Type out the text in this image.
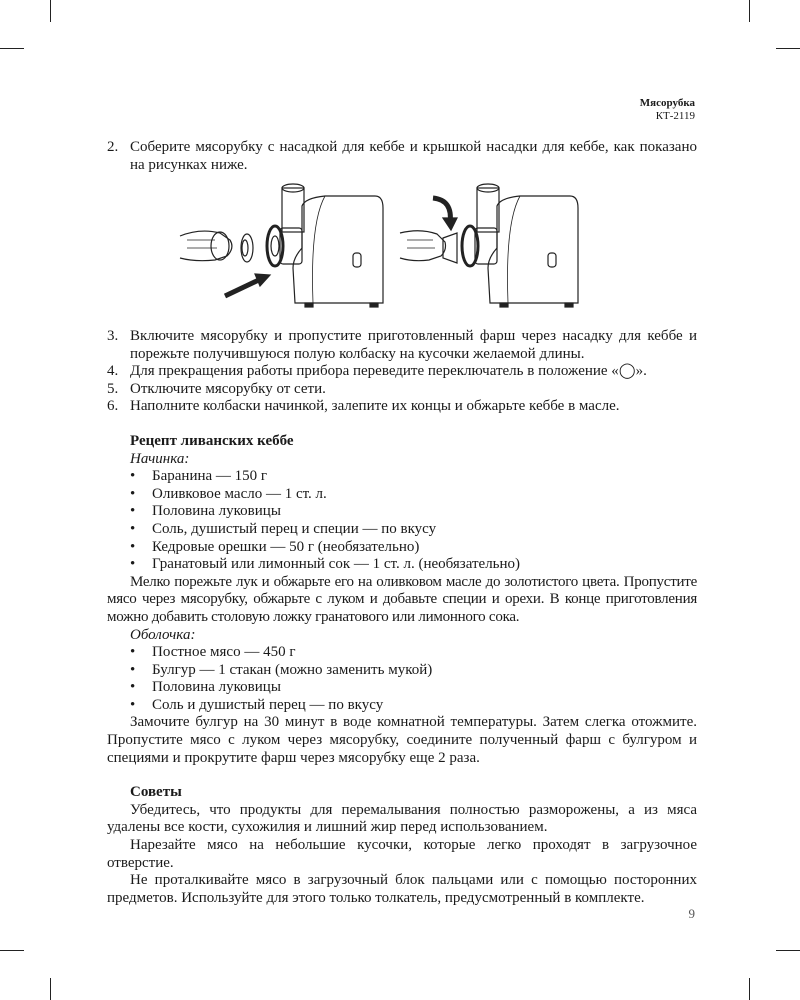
Мясорубка
КТ-2119
2. Соберите мясорубку с насадкой для кеббе и крышкой насадки для кеббе, как показано на рисунках ниже.
3. Включите мясорубку и пропустите приготовленный фарш через насадку для кеббе и порежьте получившуюся полую колбаску на кусочки желаемой длины.
4. Для прекращения работы прибора переведите переключатель в положение «◯».
5. Отключите мясорубку от сети.
6. Наполните колбаски начинкой, залепите их концы и обжарьте кеббе в масле.
Рецепт ливанских кеббе
Начинка:
• Баранина — 150 г
• Оливковое масло — 1 ст. л.
• Половина луковицы
• Соль, душистый перец и специи — по вкусу
• Кедровые орешки — 50 г (необязательно)
• Гранатовый или лимонный сок — 1 ст. л. (необязательно)
Мелко порежьте лук и обжарьте его на оливковом масле до золотистого цвета. Пропустите мясо через мясорубку, обжарьте с луком и добавьте специи и орехи. В конце приготовления можно добавить столовую ложку гранатового или лимонного сока.
Оболочка:
• Постное мясо — 450 г
• Булгур — 1 стакан (можно заменить мукой)
• Половина луковицы
• Соль и душистый перец — по вкусу
Замочите булгур на 30 минут в воде комнатной температуры. Затем слегка отожмите. Пропустите мясо с луком через мясорубку, соедините полученный фарш с булгуром и специями и прокрутите фарш через мясорубку еще 2 раза.
Советы
Убедитесь, что продукты для перемалывания полностью разморожены, а из мяса удалены все кости, сухожилия и лишний жир перед использованием.
Нарезайте мясо на небольшие кусочки, которые легко проходят в загрузочное отверстие.
Не проталкивайте мясо в загрузочный блок пальцами или с помощью посторонних предметов. Используйте для этого только толкатель, предусмотренный в комплекте.
9
